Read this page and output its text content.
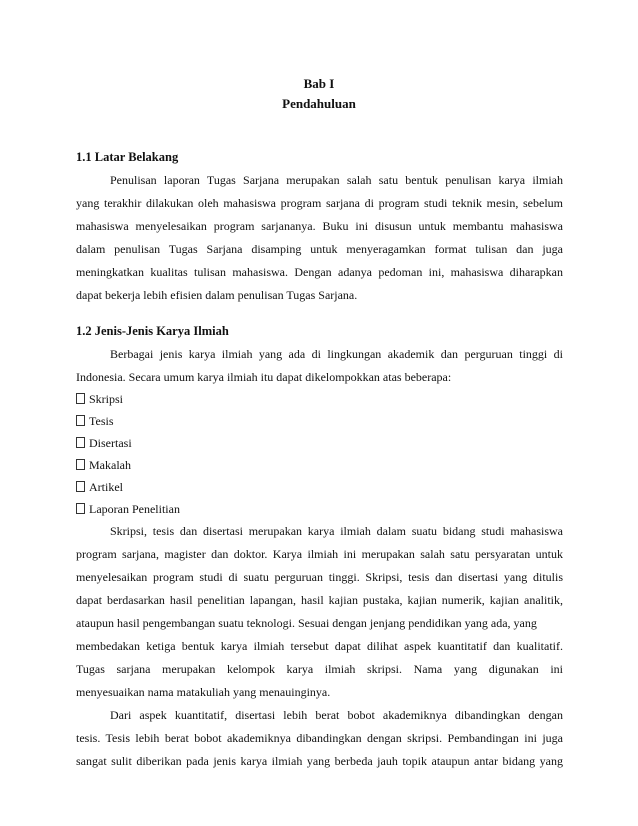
Bab I
Pendahuluan
1.1 Latar Belakang
Penulisan laporan Tugas Sarjana merupakan salah satu bentuk penulisan karya ilmiah
yang terakhir dilakukan oleh mahasiswa program sarjana di program studi teknik mesin, sebelum
mahasiswa menyelesaikan program sarjananya. Buku ini disusun untuk membantu mahasiswa
dalam penulisan Tugas Sarjana disamping untuk menyeragamkan format tulisan dan juga
meningkatkan kualitas tulisan mahasiswa. Dengan adanya pedoman ini, mahasiswa diharapkan
dapat bekerja lebih efisien dalam penulisan Tugas Sarjana.
1.2 Jenis-Jenis Karya Ilmiah
Berbagai jenis karya ilmiah yang ada di lingkungan akademik dan perguruan tinggi di
Indonesia. Secara umum karya ilmiah itu dapat dikelompokkan atas beberapa:
Skripsi
Tesis
Disertasi
Makalah
Artikel
Laporan Penelitian
Skripsi, tesis dan disertasi merupakan karya ilmiah dalam suatu bidang studi mahasiswa
program sarjana, magister dan doktor. Karya ilmiah ini merupakan salah satu persyaratan untuk
menyelesaikan program studi di suatu perguruan tinggi. Skripsi, tesis dan disertasi yang ditulis
dapat berdasarkan hasil penelitian lapangan, hasil kajian pustaka, kajian numerik, kajian analitik,
ataupun hasil pengembangan suatu teknologi. Sesuai dengan jenjang pendidikan yang ada, yang
membedakan ketiga bentuk karya ilmiah tersebut dapat dilihat aspek kuantitatif dan kualitatif.
Tugas sarjana merupakan kelompok karya ilmiah skripsi. Nama yang digunakan ini
menyesuaikan nama matakuliah yang menauinginya.
Dari aspek kuantitatif, disertasi lebih berat bobot akademiknya dibandingkan dengan
tesis. Tesis lebih berat bobot akademiknya dibandingkan dengan skripsi. Pembandingan ini juga
sangat sulit diberikan pada jenis karya ilmiah yang berbeda jauh topik ataupun antar bidang yang
